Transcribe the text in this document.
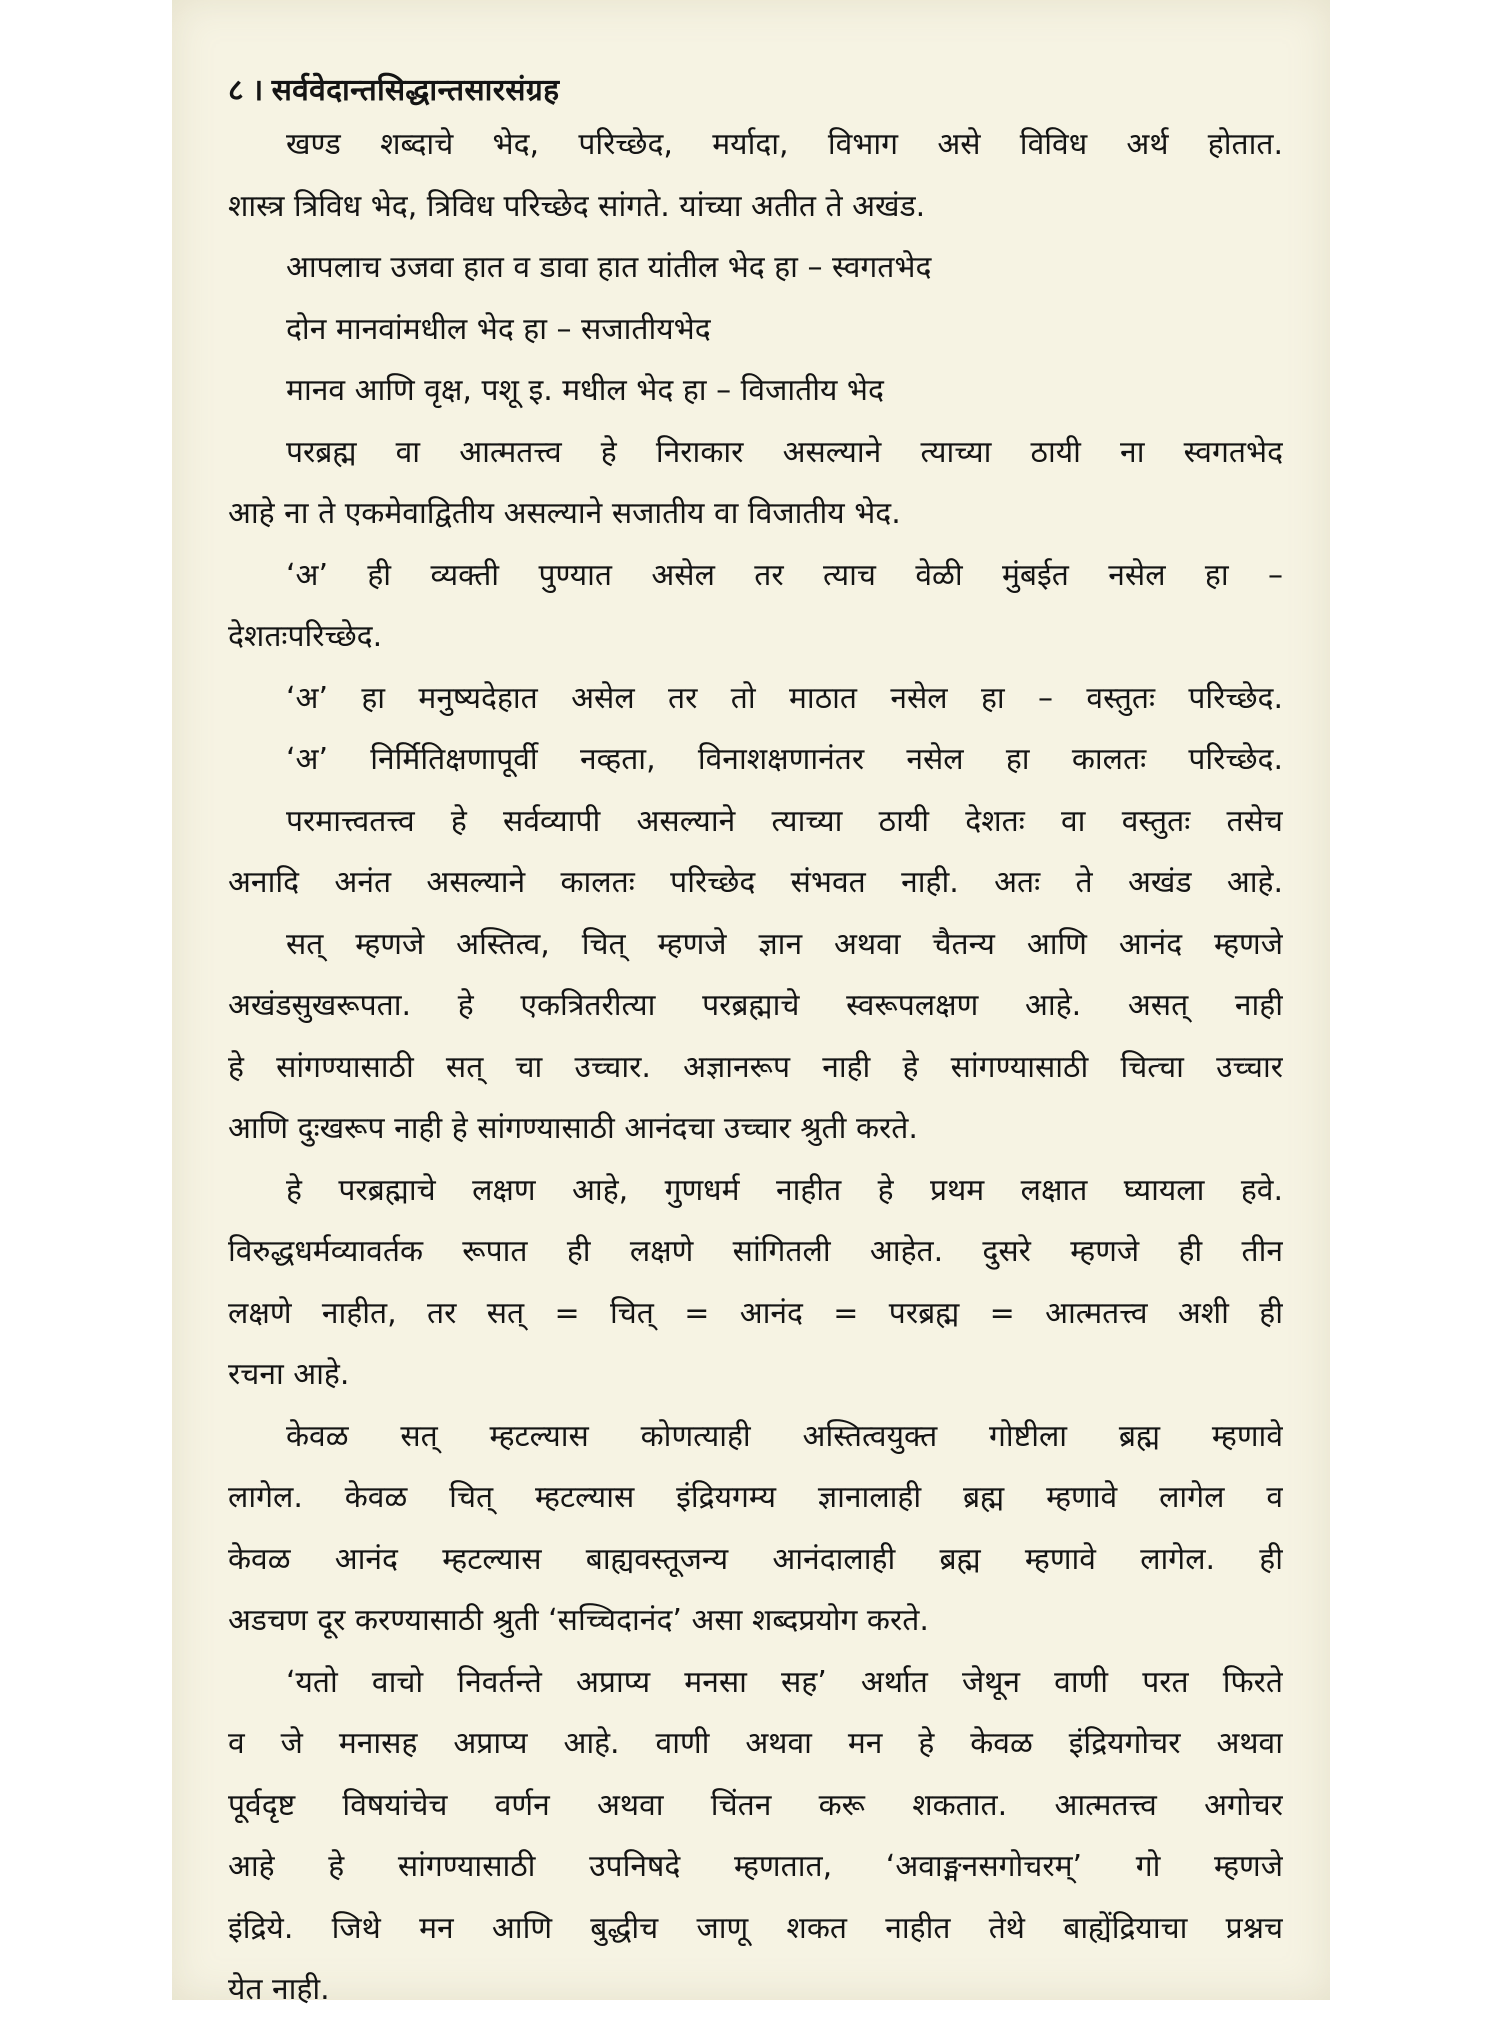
८ । सर्ववेदान्तसिद्धान्तसारसंग्रह
खण्ड शब्दाचे भेद, परिच्छेद, मर्यादा, विभाग असे विविध अर्थ होतात.
शास्त्र त्रिविध भेद, त्रिविध परिच्छेद सांगते. यांच्या अतीत ते अखंड.
आपलाच उजवा हात व डावा हात यांतील भेद हा – स्वगतभेद
दोन मानवांमधील भेद हा – सजातीयभेद
मानव आणि वृक्ष, पशू इ. मधील भेद हा – विजातीय भेद
परब्रह्म वा आत्मतत्त्व हे निराकार असल्याने त्याच्या ठायी ना स्वगतभेद
आहे ना ते एकमेवाद्वितीय असल्याने सजातीय वा विजातीय भेद.
‘अ’ ही व्यक्ती पुण्यात असेल तर त्याच वेळी मुंबईत नसेल हा –
देशतःपरिच्छेद.
‘अ’ हा मनुष्यदेहात असेल तर तो माठात नसेल हा – वस्तुतः परिच्छेद.
‘अ’ निर्मितिक्षणापूर्वी नव्हता, विनाशक्षणानंतर नसेल हा कालतः परिच्छेद.
परमात्त्वतत्त्व हे सर्वव्यापी असल्याने त्याच्या ठायी देशतः वा वस्तुतः तसेच
अनादि अनंत असल्याने कालतः परिच्छेद संभवत नाही. अतः ते अखंड आहे.
सत् म्हणजे अस्तित्व, चित् म्हणजे ज्ञान अथवा चैतन्य आणि आनंद म्हणजे
अखंडसुखरूपता. हे एकत्रितरीत्या परब्रह्माचे स्वरूपलक्षण आहे. असत् नाही
हे सांगण्यासाठी सत् चा उच्चार. अज्ञानरूप नाही हे सांगण्यासाठी चित्चा उच्चार
आणि दुःखरूप नाही हे सांगण्यासाठी आनंदचा उच्चार श्रुती करते.
हे परब्रह्माचे लक्षण आहे, गुणधर्म नाहीत हे प्रथम लक्षात घ्यायला हवे.
विरुद्धधर्मव्यावर्तक रूपात ही लक्षणे सांगितली आहेत. दुसरे म्हणजे ही तीन
लक्षणे नाहीत, तर सत् = चित् = आनंद = परब्रह्म = आत्मतत्त्व अशी ही
रचना आहे.
केवळ सत् म्हटल्यास कोणत्याही अस्तित्वयुक्त गोष्टीला ब्रह्म म्हणावे
लागेल. केवळ चित् म्हटल्यास इंद्रियगम्य ज्ञानालाही ब्रह्म म्हणावे लागेल व
केवळ आनंद म्हटल्यास बाह्यवस्तूजन्य आनंदालाही ब्रह्म म्हणावे लागेल. ही
अडचण दूर करण्यासाठी श्रुती ‘सच्चिदानंद’ असा शब्दप्रयोग करते.
‘यतो वाचो निवर्तन्ते अप्राप्य मनसा सह’ अर्थात जेथून वाणी परत फिरते
व जे मनासह अप्राप्य आहे. वाणी अथवा मन हे केवळ इंद्रियगोचर अथवा
पूर्वदृष्ट विषयांचेच वर्णन अथवा चिंतन करू शकतात. आत्मतत्त्व अगोचर
आहे हे सांगण्यासाठी उपनिषदे म्हणतात, ‘अवाङ्मनसगोचरम्’ गो म्हणजे
इंद्रिये. जिथे मन आणि बुद्धीच जाणू शकत नाहीत तेथे बाह्येंद्रियाचा प्रश्नच
येत नाही.
